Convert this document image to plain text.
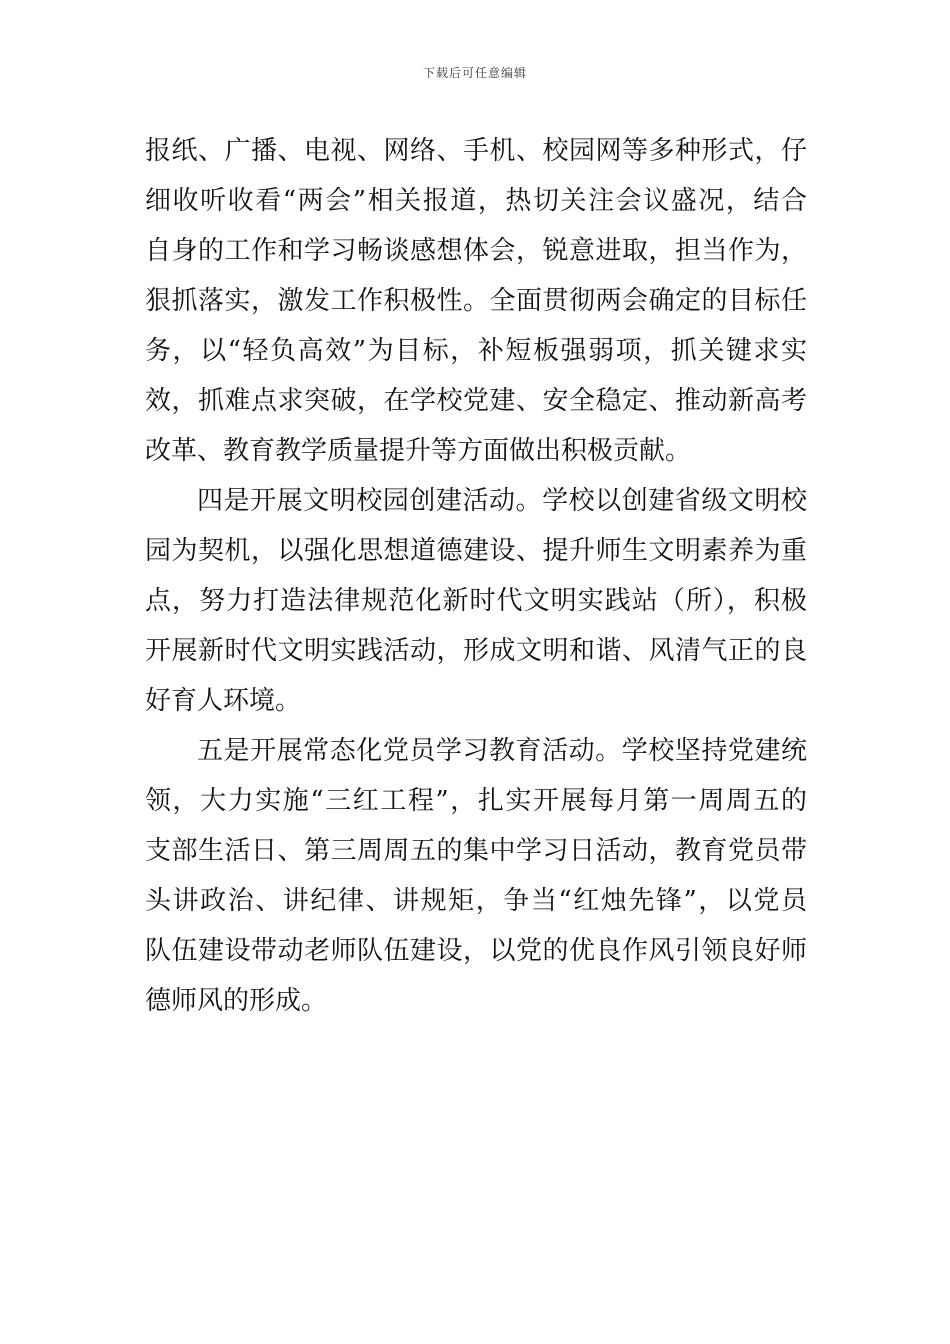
下载后可任意编辑
报纸、广播、电视、网络、手机、校园网等多种形式，仔
细收听收看“两会”相关报道，热切关注会议盛况，结合
自身的工作和学习畅谈感想体会，锐意进取，担当作为，
狠抓落实，激发工作积极性。全面贯彻两会确定的目标任
务，以“轻负高效”为目标，补短板强弱项，抓关键求实
效，抓难点求突破，在学校党建、安全稳定、推动新高考
改革、教育教学质量提升等方面做出积极贡献。
四是开展文明校园创建活动。学校以创建省级文明校
园为契机，以强化思想道德建设、提升师生文明素养为重
点，努力打造法律规范化新时代文明实践站（所），积极
开展新时代文明实践活动，形成文明和谐、风清气正的良
好育人环境。
五是开展常态化党员学习教育活动。学校坚持党建统
领，大力实施“三红工程”，扎实开展每月第一周周五的
支部生活日、第三周周五的集中学习日活动，教育党员带
头讲政治、讲纪律、讲规矩，争当“红烛先锋”，以党员
队伍建设带动老师队伍建设，以党的优良作风引领良好师
德师风的形成。
